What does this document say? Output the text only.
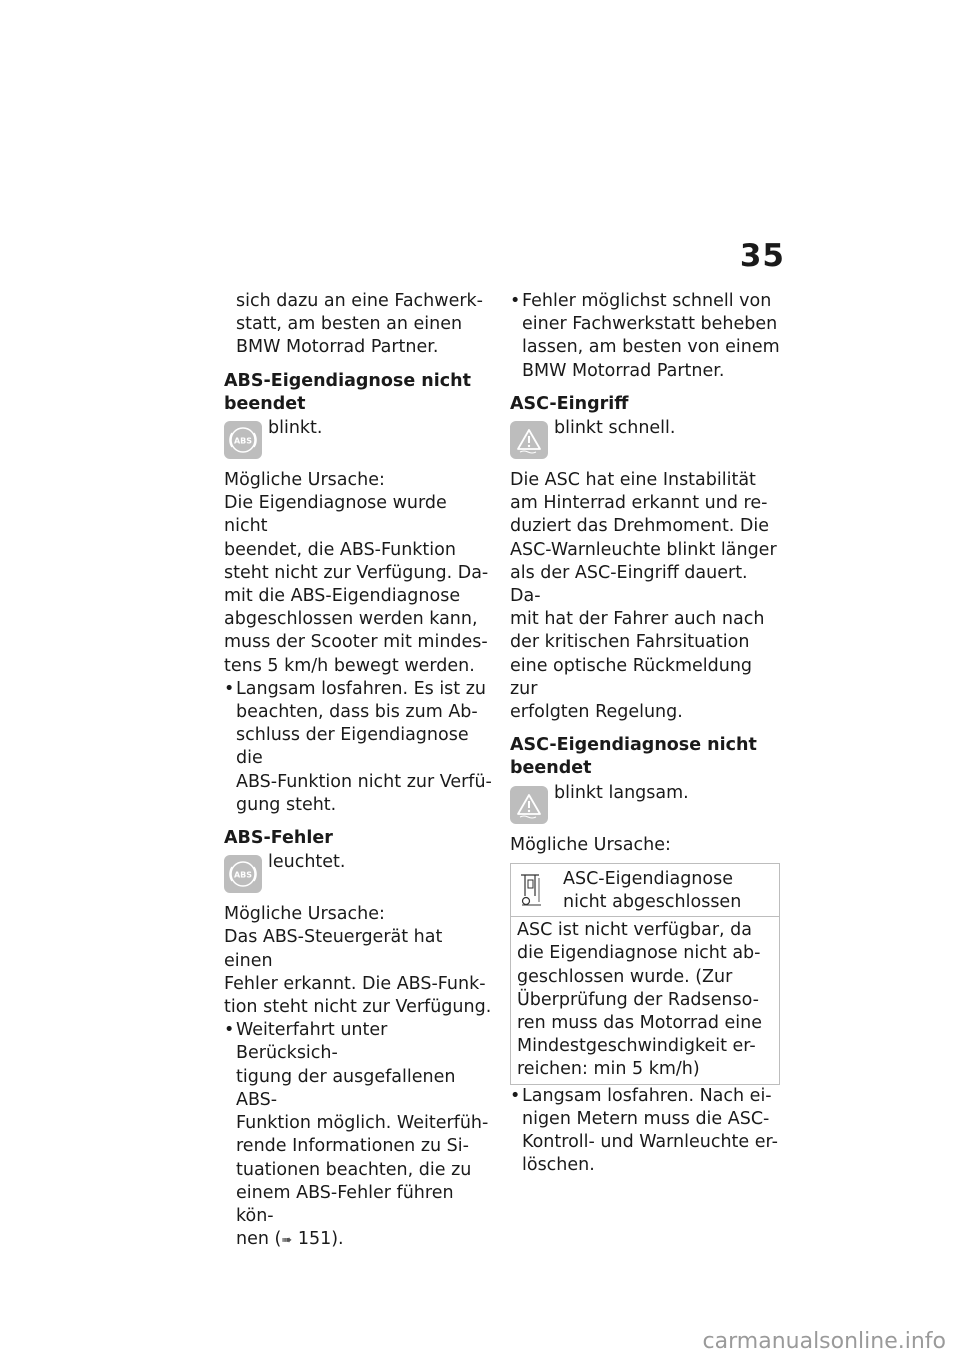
35

sich dazu an eine Fachwerk-
statt, am besten an einen
BMW Motorrad Partner.

ABS-Eigendiagnose nicht
beendet
ABS
blinkt.

Mögliche Ursache:

Die Eigendiagnose wurde nicht
beendet, die ABS-Funktion
steht nicht zur Verfügung. Da-
mit die ABS-Eigendiagnose
abgeschlossen werden kann,
muss der Scooter mit mindes-
tens 5 km/h bewegt werden.

• Langsam losfahren. Es ist zu
beachten, dass bis zum Ab-
schluss der Eigendiagnose die
ABS-Funktion nicht zur Verfü-
gung steht.
ABS-Fehler
ABS
leuchtet.

Mögliche Ursache:

Das ABS-Steuergerät hat einen
Fehler erkannt. Die ABS-Funk-
tion steht nicht zur Verfügung.

• Weiterfahrt unter Berücksich-
tigung der ausgefallenen ABS-
Funktion möglich. Weiterfüh-
rende Informationen zu Si-
tuationen beachten, die zu
einem ABS-Fehler führen kön-
nen (➠ 151).
• Fehler möglichst schnell von
einer Fachwerkstatt beheben
lassen, am besten von einem
BMW Motorrad Partner.
ASC-Eingriff
blinkt schnell.

Die ASC hat eine Instabilität
am Hinterrad erkannt und re-
duziert das Drehmoment. Die
ASC-Warnleuchte blinkt länger
als der ASC-Eingriff dauert. Da-
mit hat der Fahrer auch nach
der kritischen Fahrsituation
eine optische Rückmeldung zur
erfolgten Regelung.

ASC-Eigendiagnose nicht
beendet
blinkt langsam.

Mögliche Ursache:

ASC-Eigendiagnose
nicht abgeschlossen
ASC ist nicht verfügbar, da
die Eigendiagnose nicht ab-
geschlossen wurde. (Zur
Überprüfung der Radsenso-
ren muss das Motorrad eine
Mindestgeschwindigkeit er-
reichen: min 5 km/h)
• Langsam losfahren. Nach ei-
nigen Metern muss die ASC-
Kontroll- und Warnleuchte er-
löschen.
carmanualsonline.info
